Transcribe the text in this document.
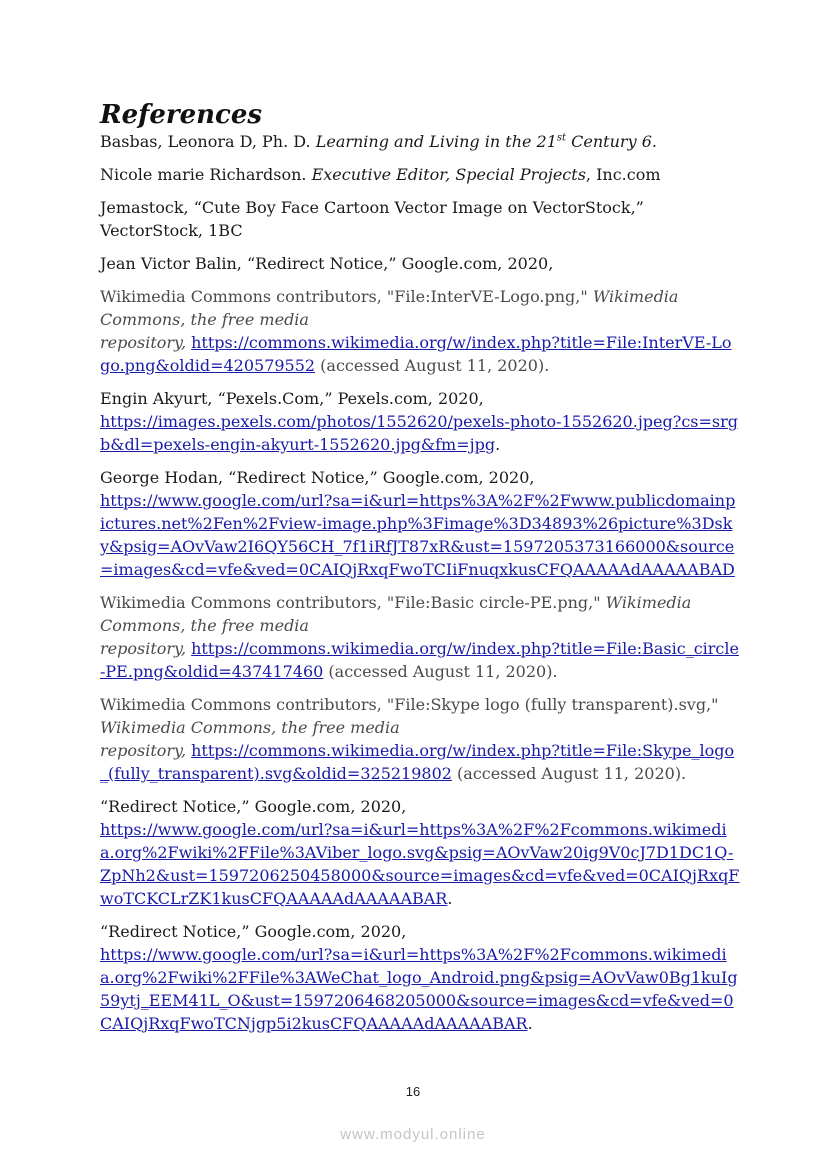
References

Basbas, Leonora D, Ph. D. Learning and Living in the 21st Century 6.

Nicole marie Richardson. Executive Editor, Special Projects, Inc.com

Jemastock, “Cute Boy Face Cartoon Vector Image on VectorStock,”
VectorStock, 1BC

Jean Victor Balin, “Redirect Notice,” Google.com, 2020,

Wikimedia Commons contributors, "File:InterVE-Logo.png," Wikimedia Commons, the free media
repository, https://commons.wikimedia.org/w/index.php?title=File:InterVE-Logo.png&oldid=420579552 (accessed August 11, 2020).

Engin Akyurt, “Pexels.Com,” Pexels.com, 2020,
https://images.pexels.com/photos/1552620/pexels-photo-1552620.jpeg?cs=srgb&dl=pexels-engin-akyurt-1552620.jpg&fm=jpg.

George Hodan, “Redirect Notice,” Google.com, 2020,
https://www.google.com/url?sa=i&url=https%3A%2F%2Fwww.publicdomainpictures.net%2Fen%2Fview-image.php%3Fimage%3D34893%26picture%3Dsky&psig=AOvVaw2I6QY56CH_7f1iRfJT87xR&ust=1597205373166000&source=images&cd=vfe&ved=0CAIQjRxqFwoTCIiFnuqxkusCFQAAAAAdAAAAABAD

Wikimedia Commons contributors, "File:Basic circle-PE.png," Wikimedia Commons, the free media
repository, https://commons.wikimedia.org/w/index.php?title=File:Basic_circle-PE.png&oldid=437417460 (accessed August 11, 2020).

Wikimedia Commons contributors, "File:Skype logo (fully transparent).svg," Wikimedia Commons, the free media
repository, https://commons.wikimedia.org/w/index.php?title=File:Skype_logo_(fully_transparent).svg&oldid=325219802 (accessed August 11, 2020).

“Redirect Notice,” Google.com, 2020,
https://www.google.com/url?sa=i&url=https%3A%2F%2Fcommons.wikimedia.org%2Fwiki%2FFile%3AViber_logo.svg&psig=AOvVaw20ig9V0cJ7D1DC1Q-ZpNh2&ust=1597206250458000&source=images&cd=vfe&ved=0CAIQjRxqFwoTCKCLrZK1kusCFQAAAAAdAAAAABAR.

“Redirect Notice,” Google.com, 2020,
https://www.google.com/url?sa=i&url=https%3A%2F%2Fcommons.wikimedia.org%2Fwiki%2FFile%3AWeChat_logo_Android.png&psig=AOvVaw0Bg1kuIg59ytj_EEM41L_O&ust=1597206468205000&source=images&cd=vfe&ved=0CAIQjRxqFwoTCNjgp5i2kusCFQAAAAAdAAAAABAR.

16
www.modyul.online
